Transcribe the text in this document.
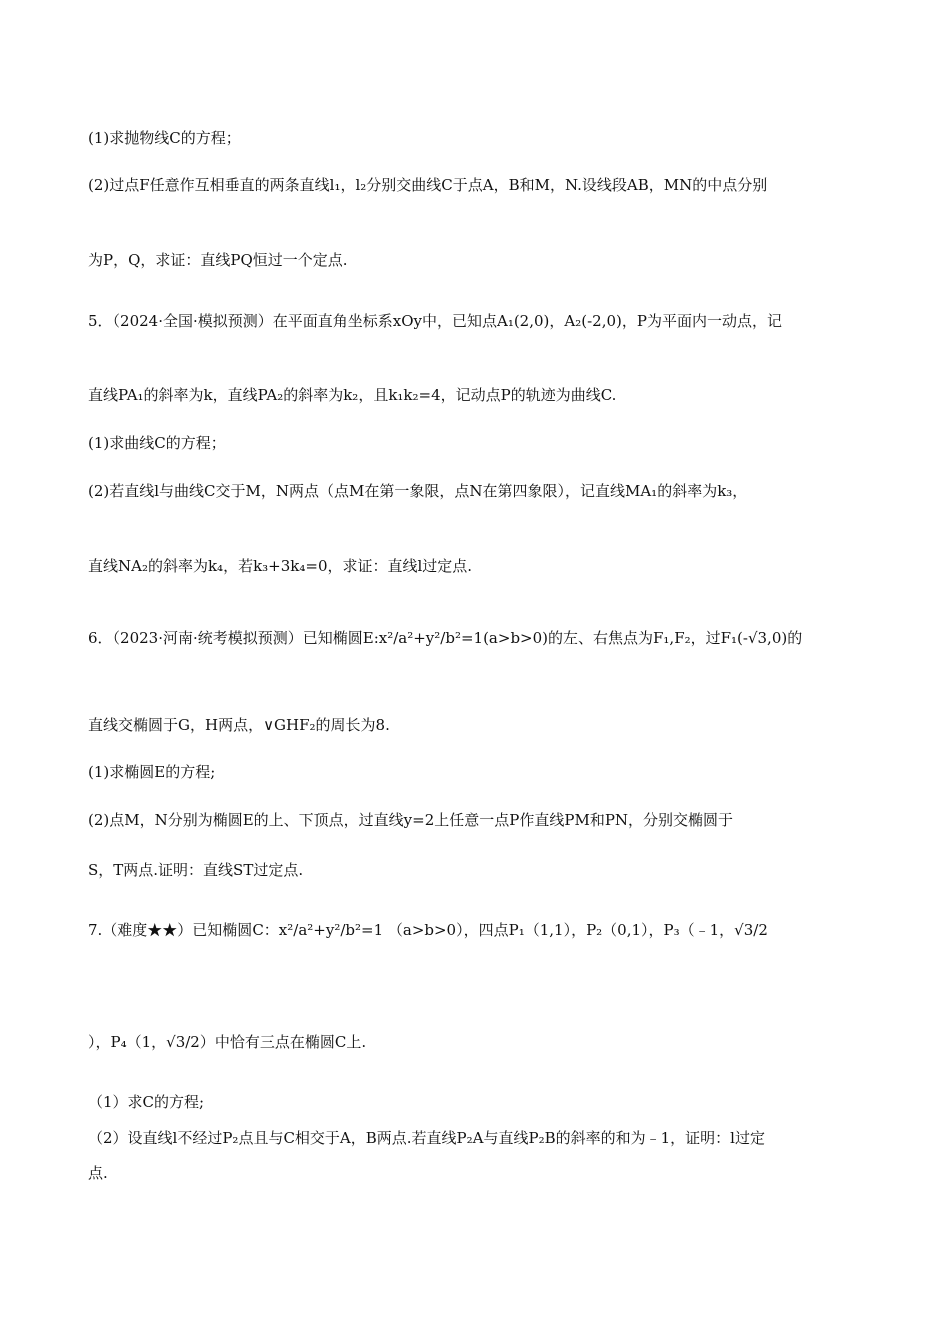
(1)求抛物线C的方程；
(2)过点F任意作互相垂直的两条直线l₁，l₂分别交曲线C于点A，B和M，N.设线段AB，MN的中点分别
为P，Q，求证：直线PQ恒过一个定点.
5．（2024·全国·模拟预测）在平面直角坐标系xOy中，已知点A₁(2,0)，A₂(-2,0)，P为平面内一动点，记
直线PA₁的斜率为k，直线PA₂的斜率为k₂，且k₁k₂=4，记动点P的轨迹为曲线C.
(1)求曲线C的方程；
(2)若直线l与曲线C交于M，N两点（点M在第一象限，点N在第四象限），记直线MA₁的斜率为k₃，
直线NA₂的斜率为k₄，若k₃+3k₄=0，求证：直线l过定点.
6．（2023·河南·统考模拟预测）已知椭圆E:x²/a²+y²/b²=1(a>b>0)的左、右焦点为F₁,F₂，过F₁(-√3,0)的
直线交椭圆于G，H两点，∨GHF₂的周长为8.
(1)求椭圆E的方程;
(2)点M，N分别为椭圆E的上、下顶点，过直线y=2上任意一点P作直线PM和PN，分别交椭圆于
S，T两点.证明：直线ST过定点.
7.（难度★★）已知椭圆C：x²/a²+y²/b²=1 （a>b>0），四点P₁（1,1），P₂（0,1），P₃（﹣1，√3/2
），P₄（1，√3/2）中恰有三点在椭圆C上.
（1）求C的方程;
（2）设直线l不经过P₂点且与C相交于A，B两点.若直线P₂A与直线P₂B的斜率的和为﹣1，证明：l过定
点.
